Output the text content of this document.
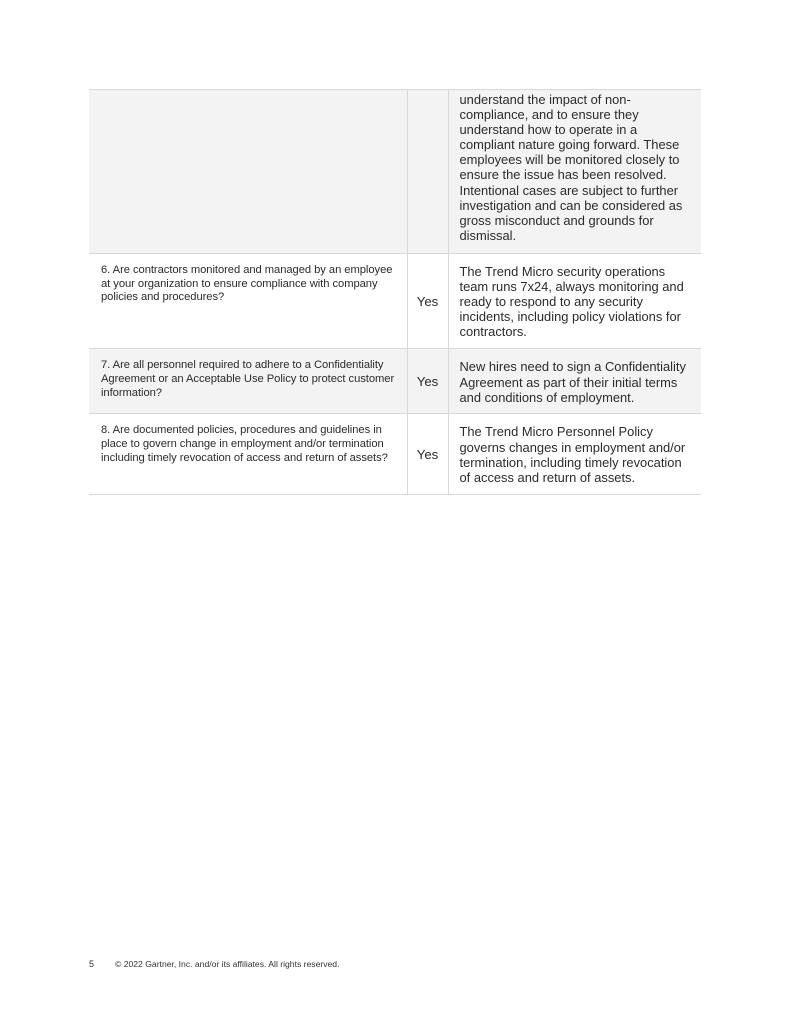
		understand the impact of non-compliance, and to ensure they understand how to operate in a compliant nature going forward. These employees will be monitored closely to ensure the issue has been resolved. Intentional cases are subject to further investigation and can be considered as gross misconduct and grounds for dismissal.

6. Are contractors monitored and managed by an employee at your organization to ensure compliance with company policies and procedures?	Yes	The Trend Micro security operations team runs 7x24, always monitoring and ready to respond to any security incidents, including policy violations for contractors.

7. Are all personnel required to adhere to a Confidentiality Agreement or an Acceptable Use Policy to protect customer information?	Yes	New hires need to sign a Confidentiality Agreement as part of their initial terms and conditions of employment.

8. Are documented policies, procedures and guidelines in place to govern change in employment and/or termination including timely revocation of access and return of assets?	Yes	The Trend Micro Personnel Policy governs changes in employment and/or termination, including timely revocation of access and return of assets.
5	© 2022 Gartner, Inc. and/or its affiliates. All rights reserved.
